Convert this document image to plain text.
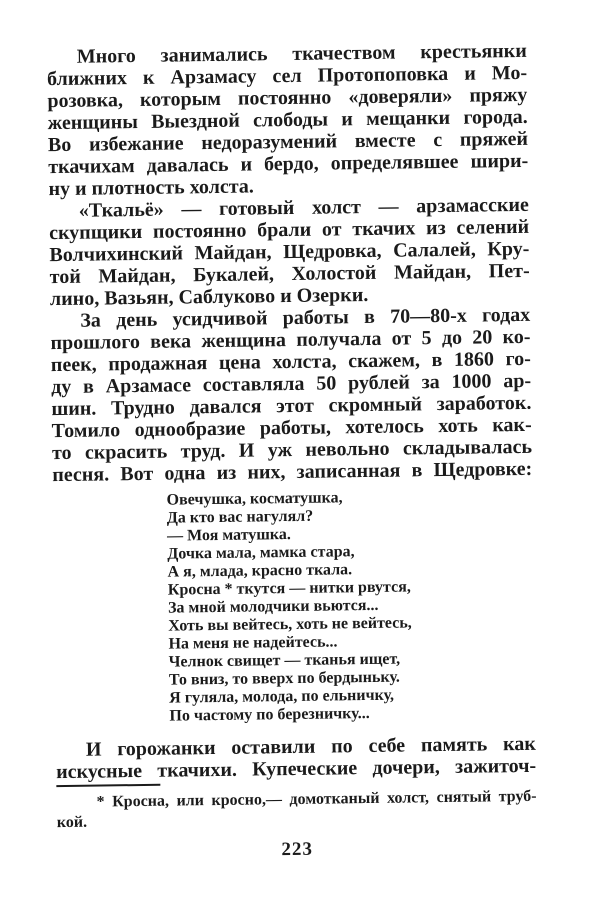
Много занимались ткачеством крестьянки
ближних к Арзамасу сел Протопоповка и Мо-
розовка, которым постоянно «доверяли» пряжу
женщины Выездной слободы и мещанки города.
Во избежание недоразумений вместе с пряжей
ткачихам давалась и бердо, определявшее шири-
ну и плотность холста.
«Ткальё» — готовый холст — арзамасские
скупщики постоянно брали от ткачих из селений
Волчихинский Майдан, Щедровка, Салалей, Кру-
той Майдан, Букалей, Холостой Майдан, Пет-
лино, Вазьян, Саблуково и Озерки.
За день усидчивой работы в 70—80-х годах
прошлого века женщина получала от 5 до 20 ко-
пеек, продажная цена холста, скажем, в 1860 го-
ду в Арзамасе составляла 50 рублей за 1000 ар-
шин. Трудно давался этот скромный заработок.
Томило однообразие работы, хотелось хоть как-
то скрасить труд. И уж невольно складывалась
песня. Вот одна из них, записанная в Щедровке:
Овечушка, косматушка,
Да кто вас нагулял?
— Моя матушка.
Дочка мала, мамка стара,
А я, млада, красно ткала.
Кросна * ткутся — нитки рвутся,
За мной молодчики вьются...
Хоть вы вейтесь, хоть не вейтесь,
На меня не надейтесь...
Челнок свищет — тканья ищет,
То вниз, то вверх по бердыньку.
Я гуляла, молода, по ельничку,
По частому по березничку...
И горожанки оставили по себе память как
искусные ткачихи. Купеческие дочери, зажиточ-
* Кросна, или кросно,— домотканый холст, снятый труб-
кой.
223
